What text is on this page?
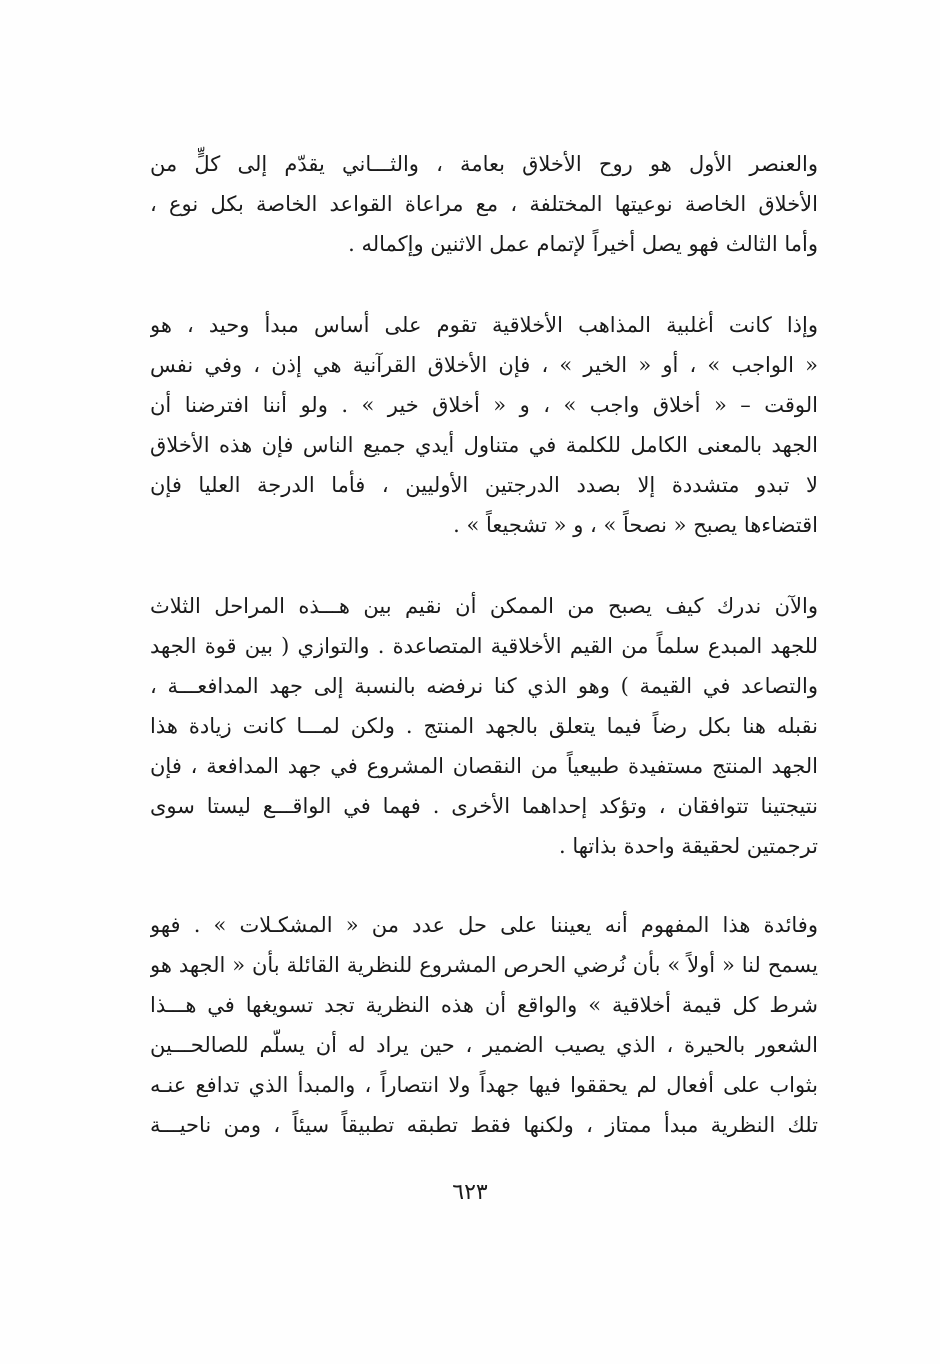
والعنصر الأول هو روح الأخلاق بعامة ، والثـــاني يقدّم إلى كلٍّ من
الأخلاق الخاصة نوعيتها المختلفة ، مع مراعاة القواعد الخاصة بكل نوع ،
وأما الثالث فهو يصل أخيراً لإتمام عمل الاثنين وإكماله .
وإذا كانت أغلبية المذاهب الأخلاقية تقوم على أساس مبدأ وحيد ، هو
« الواجب » ، أو « الخير » ، فإن الأخلاق القرآنية هي إذن ، وفي نفس
الوقت – « أخلاق واجب » ، و « أخلاق خير » . ولو أننا افترضنا أن
الجهد بالمعنى الكامل للكلمة في متناول أيدي جميع الناس فإن هذه الأخلاق
لا تبدو متشددة إلا بصدد الدرجتين الأوليين ، فأما الدرجة العليا فإن
اقتضاءها يصبح « نصحاً » ، و « تشجيعاً » .
والآن ندرك كيف يصبح من الممكن أن نقيم بين هـــذه المراحل الثلاث
للجهد المبدع سلماً من القيم الأخلاقية المتصاعدة . والتوازي ( بين قوة الجهد
والتصاعد في القيمة ) وهو الذي كنا نرفضه بالنسبة إلى جهد المدافعـــة ،
نقبله هنا بكل رضاً فيما يتعلق بالجهد المنتج . ولكن لمـــا كانت زيادة هذا
الجهد المنتج مستفيدة طبيعياً من النقصان المشروع في جهد المدافعة ، فإن
نتيجتينا تتوافقان ، وتؤكد إحداهما الأخرى . فهما في الواقـــع ليستا سوى
ترجمتين لحقيقة واحدة بذاتها .
وفائدة هذا المفهوم أنه يعيننا على حل عدد من « المشكـلات » . فهو
يسمح لنا « أولاً » بأن نُرضي الحرص المشروع للنظرية القائلة بأن « الجهد هو
شرط كل قيمة أخلاقية » والواقع أن هذه النظرية تجد تسويغها في هـــذا
الشعور بالحيرة ، الذي يصيب الضمير ، حين يراد له أن يسلّم للصالحـــين
بثواب على أفعال لم يحققوا فيها جهداً ولا انتصاراً ، والمبدأ الذي تدافع عنـه
تلك النظرية مبدأ ممتاز ، ولكنها فقط تطبقه تطبيقاً سيئاً ، ومن ناحيـــة
٦٢٣
